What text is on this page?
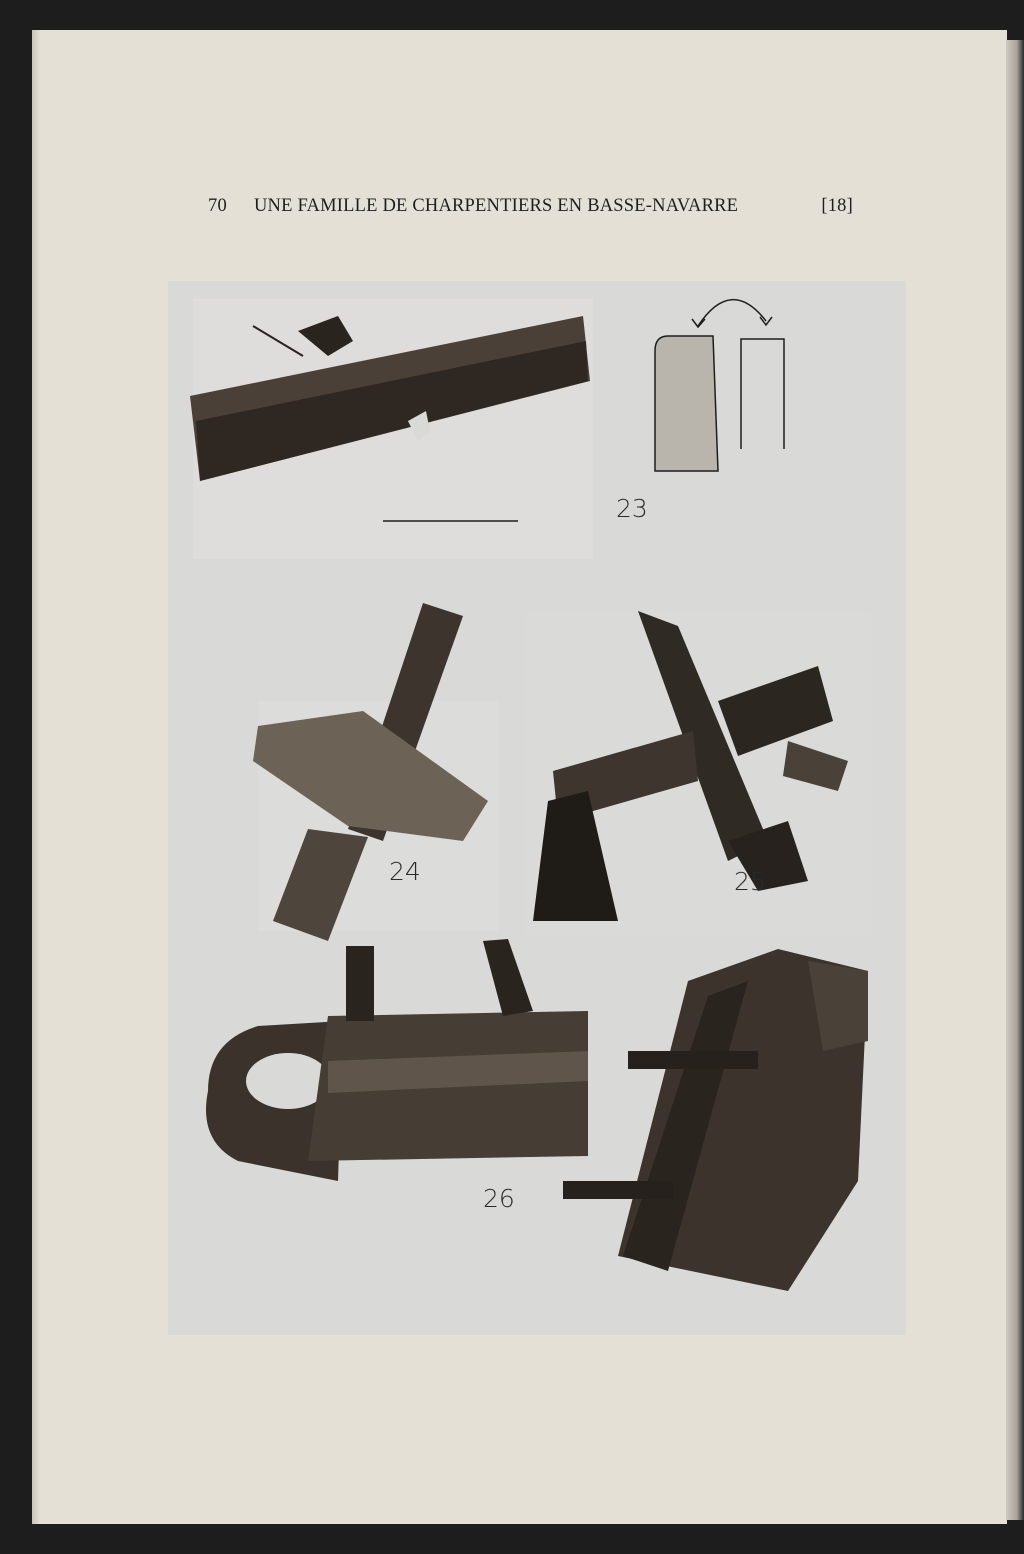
70 UNE FAMILLE DE CHARPENTIERS EN BASSE-NAVARRE	[18]
23
24	25
26
